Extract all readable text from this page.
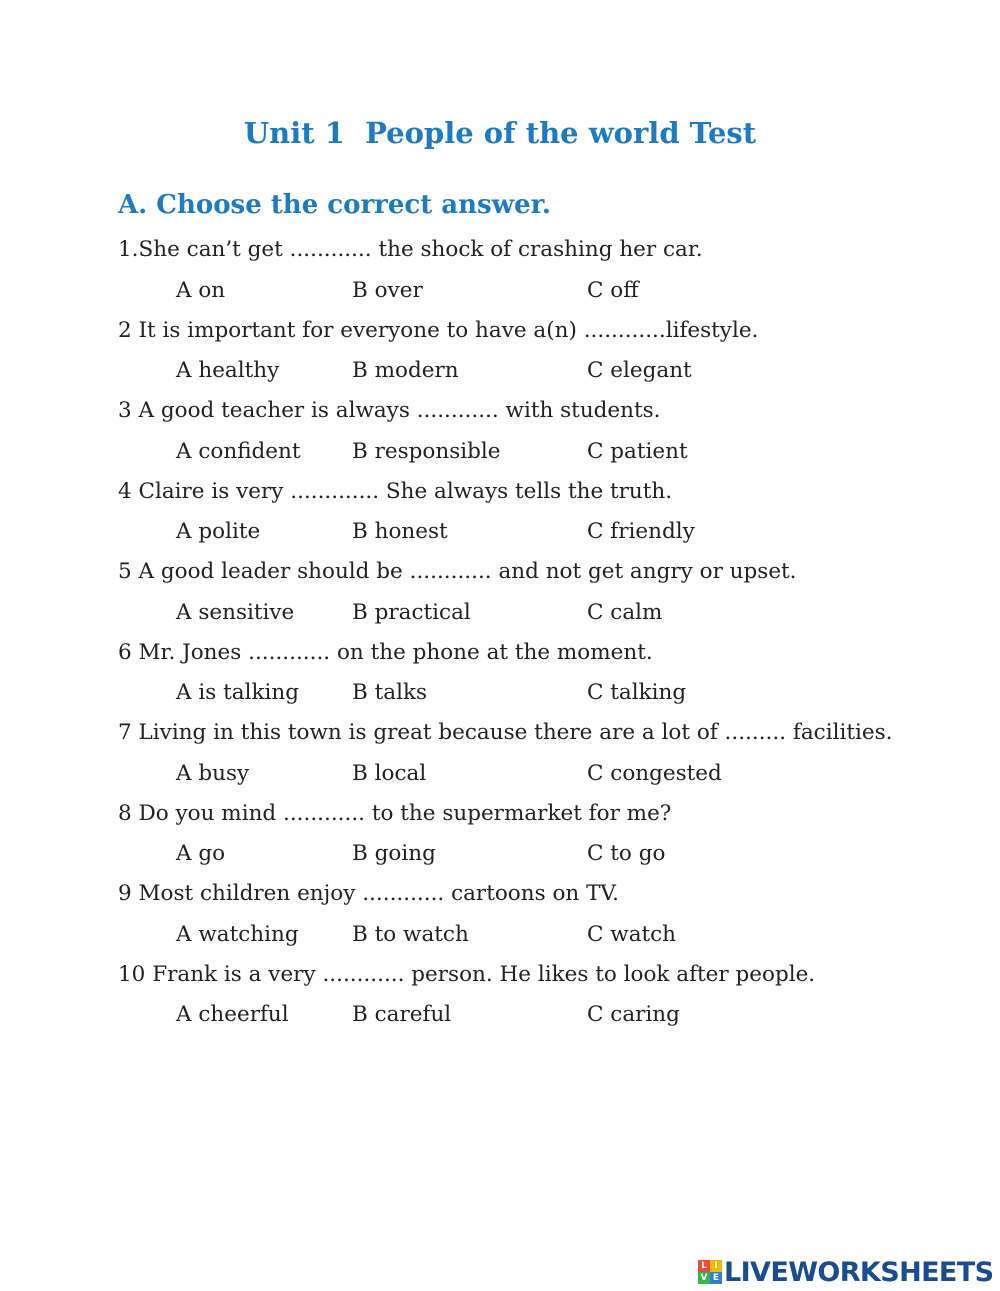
Unit 1  People of the world Test
A. Choose the correct answer.
1.She can’t get ............ the shock of crashing her car.
A on	B over	C off
2 It is important for everyone to have a(n) ............lifestyle.
A healthy	B modern	C elegant
3 A good teacher is always ............ with students.
A confident B responsible	C patient
4 Claire is very ............. She always tells the truth.
A polite	B honest	C friendly
5 A good leader should be ............ and not get angry or upset.
A sensitive	B practical	C calm
6 Mr. Jones ............ on the phone at the moment.
A is talking B talks	C talking
7 Living in this town is great because there are a lot of ......... facilities.
A busy	B local	C congested
8 Do you mind ............ to the supermarket for me?
A go	B going	C to go
9 Most children enjoy ............ cartoons on TV.
A watching B to watch	C watch
10 Frank is a very ............ person. He likes to look after people.
A cheerful	B careful	C caring
L I
V E LIVEWORKSHEETS
